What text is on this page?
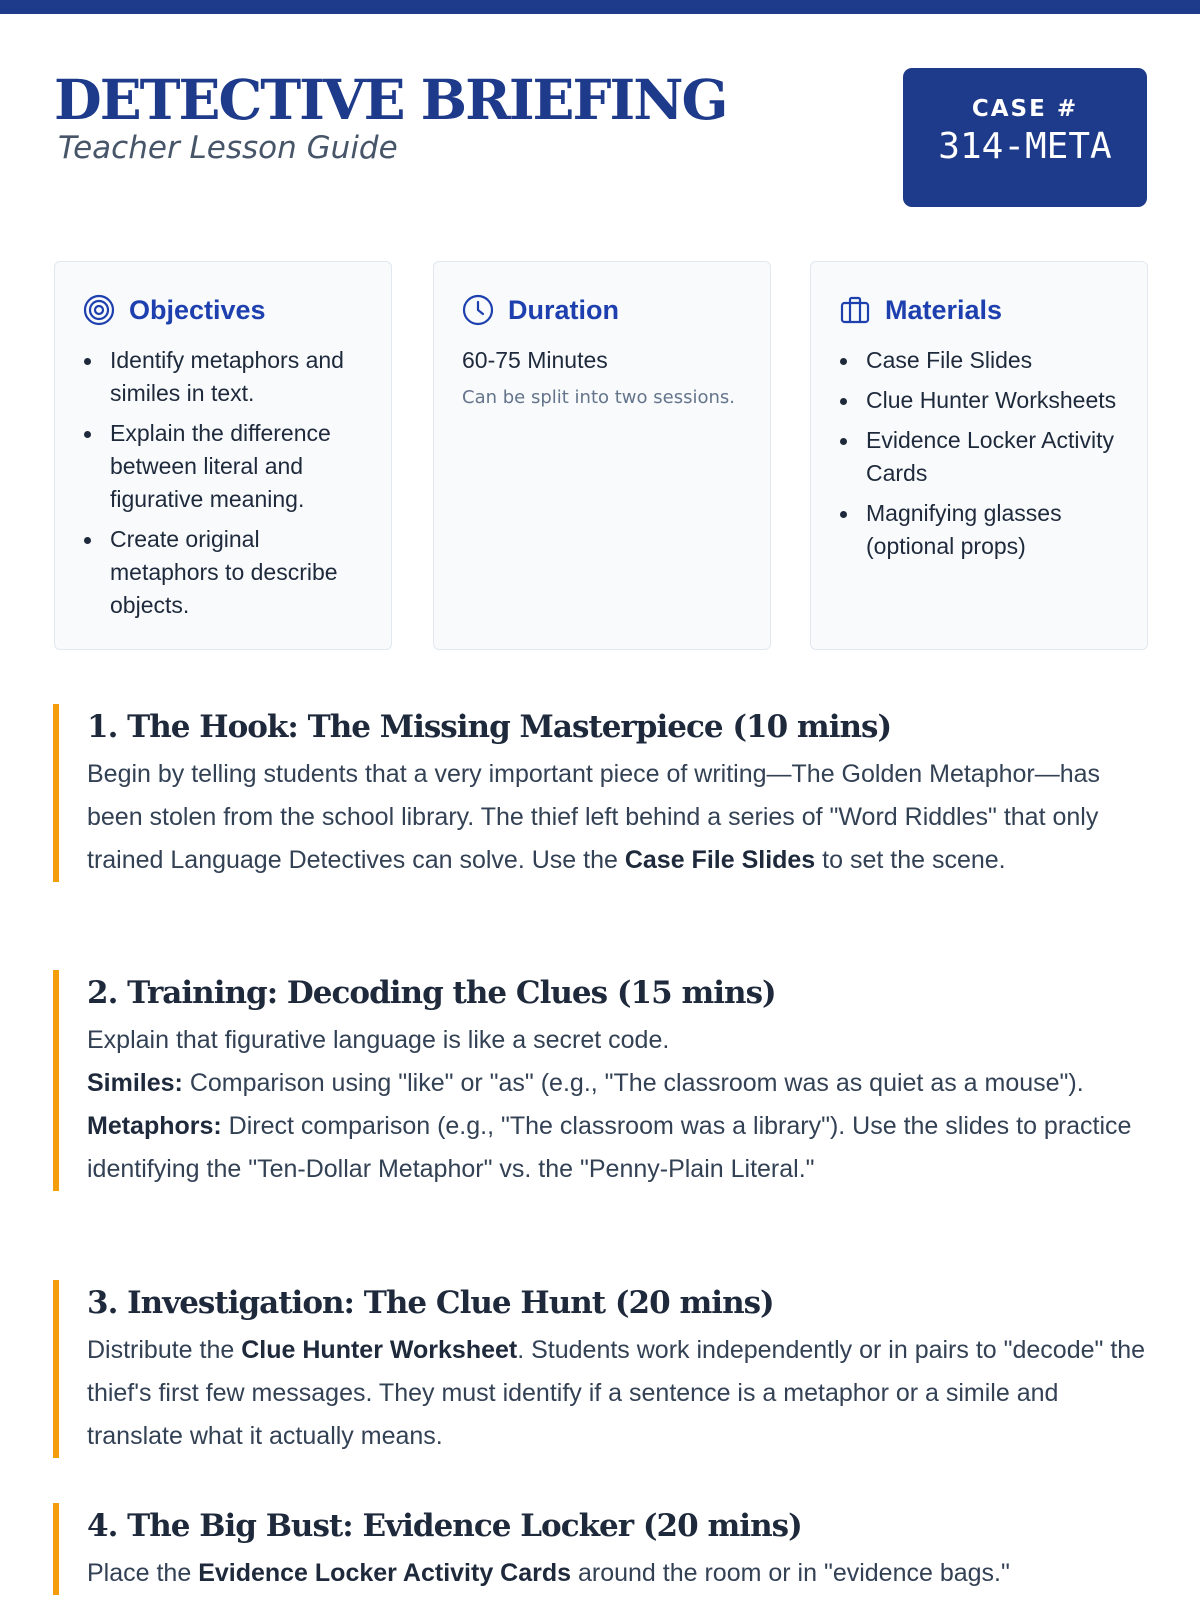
DETECTIVE BRIEFING
Teacher Lesson Guide
CASE #
314-META
Objectives
Identify metaphors and similes in text.
Explain the difference between literal and figurative meaning.
Create original metaphors to describe objects.
Duration
60-75 Minutes
Can be split into two sessions.
Materials
Case File Slides
Clue Hunter Worksheets
Evidence Locker Activity Cards
Magnifying glasses (optional props)
1. The Hook: The Missing Masterpiece (10 mins)
Begin by telling students that a very important piece of writing—The Golden Metaphor—has been stolen from the school library. The thief left behind a series of "Word Riddles" that only trained Language Detectives can solve. Use the Case File Slides to set the scene.
2. Training: Decoding the Clues (15 mins)
Explain that figurative language is like a secret code.
Similes: Comparison using "like" or "as" (e.g., "The classroom was as quiet as a mouse").
Metaphors: Direct comparison (e.g., "The classroom was a library"). Use the slides to practice identifying the "Ten-Dollar Metaphor" vs. the "Penny-Plain Literal."
3. Investigation: The Clue Hunt (20 mins)
Distribute the Clue Hunter Worksheet. Students work independently or in pairs to "decode" the thief's first few messages. They must identify if a sentence is a metaphor or a simile and translate what it actually means.
4. The Big Bust: Evidence Locker (20 mins)
Place the Evidence Locker Activity Cards around the room or in "evidence bags."
